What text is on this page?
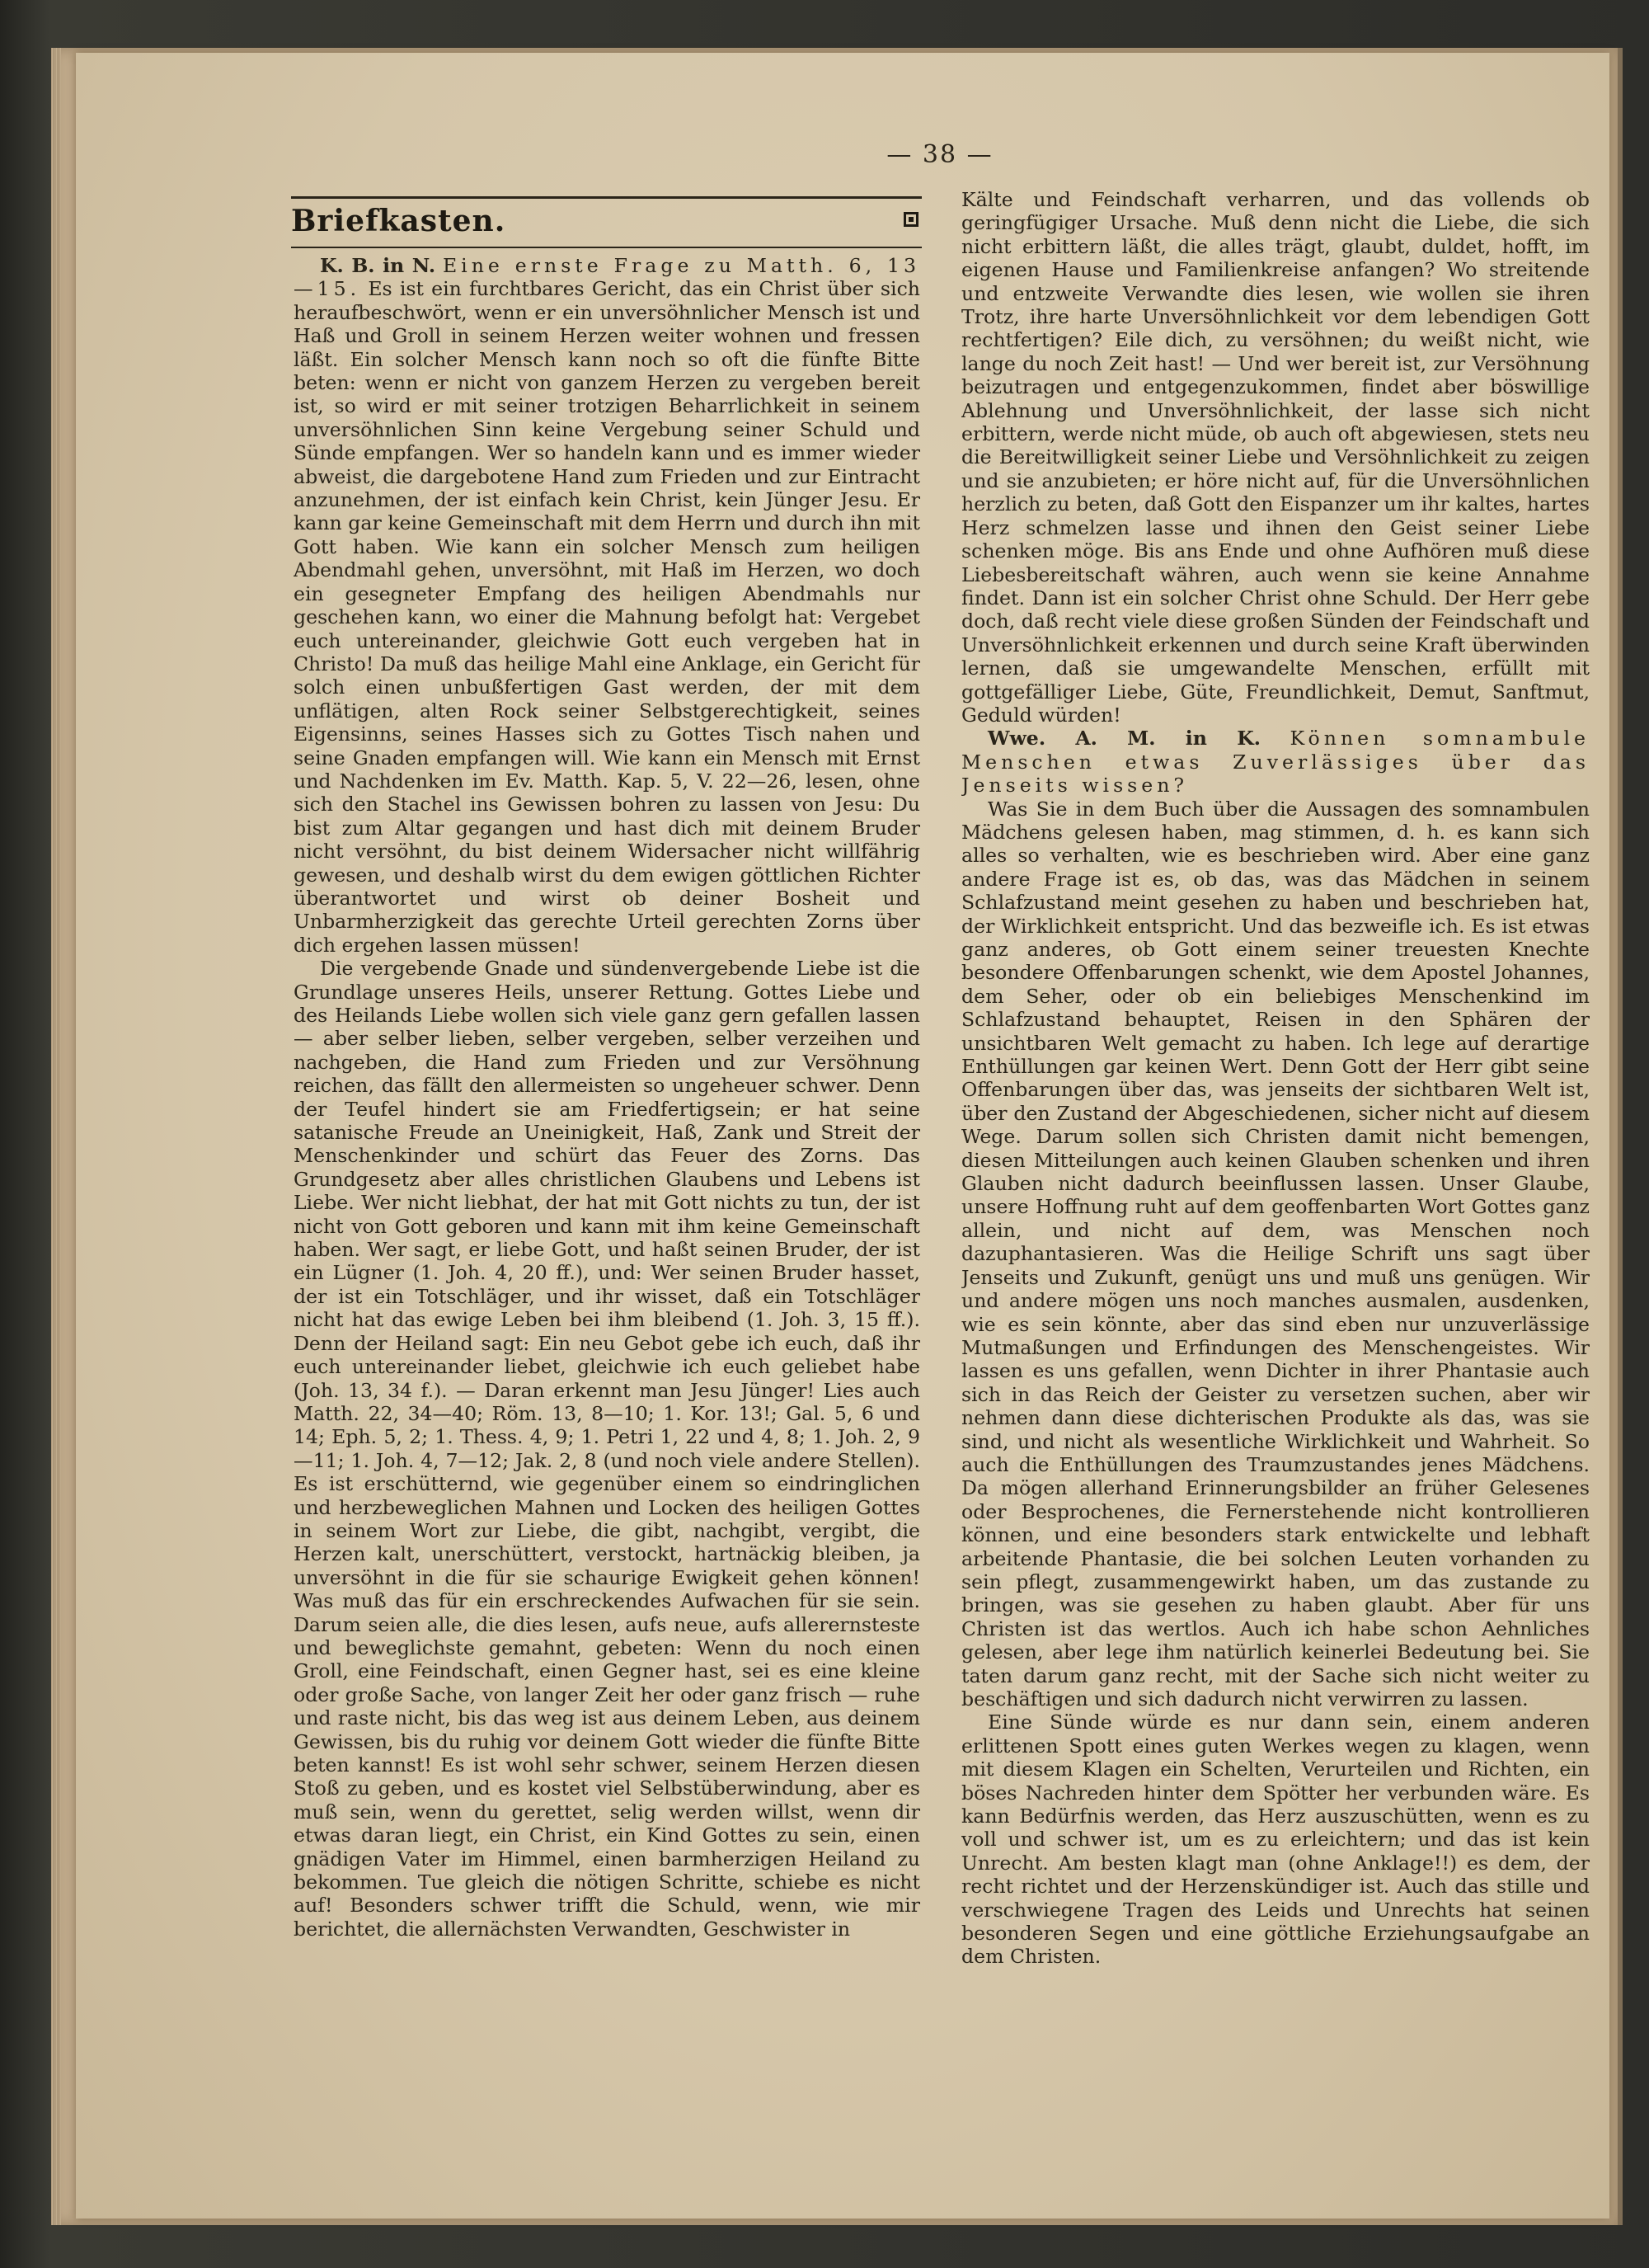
— 38 —
Briefkasten.

K. B. in N. Eine ernste Frage zu Matth. 6, 13—15. Es ist ein furchtbares Gericht, das ein Christ über sich heraufbeschwört, wenn er ein unversöhnlicher Mensch ist und Haß und Groll in seinem Herzen weiter wohnen und fressen läßt. Ein solcher Mensch kann noch so oft die fünfte Bitte beten: wenn er nicht von ganzem Herzen zu vergeben bereit ist, so wird er mit seiner trotzigen Beharrlichkeit in seinem unversöhnlichen Sinn keine Vergebung seiner Schuld und Sünde empfangen. Wer so handeln kann und es immer wieder abweist, die dargebotene Hand zum Frieden und zur Eintracht anzunehmen, der ist einfach kein Christ, kein Jünger Jesu. Er kann gar keine Gemeinschaft mit dem Herrn und durch ihn mit Gott haben. Wie kann ein solcher Mensch zum heiligen Abendmahl gehen, unversöhnt, mit Haß im Herzen, wo doch ein gesegneter Empfang des heiligen Abendmahls nur geschehen kann, wo einer die Mahnung befolgt hat: Vergebet euch untereinander, gleichwie Gott euch vergeben hat in Christo! Da muß das heilige Mahl eine Anklage, ein Gericht für solch einen unbußfertigen Gast werden, der mit dem unflätigen, alten Rock seiner Selbstgerechtigkeit, seines Eigensinns, seines Hasses sich zu Gottes Tisch nahen und seine Gnaden empfangen will. Wie kann ein Mensch mit Ernst und Nachdenken im Ev. Matth. Kap. 5, V. 22—26, lesen, ohne sich den Stachel ins Gewissen bohren zu lassen von Jesu: Du bist zum Altar gegangen und hast dich mit deinem Bruder nicht versöhnt, du bist deinem Widersacher nicht willfährig gewesen, und deshalb wirst du dem ewigen göttlichen Richter überantwortet und wirst ob deiner Bosheit und Unbarmherzigkeit das gerechte Urteil gerechten Zorns über dich ergehen lassen müssen!

Die vergebende Gnade und sündenvergebende Liebe ist die Grundlage unseres Heils, unserer Rettung. Gottes Liebe und des Heilands Liebe wollen sich viele ganz gern gefallen lassen — aber selber lieben, selber vergeben, selber verzeihen und nachgeben, die Hand zum Frieden und zur Versöhnung reichen, das fällt den allermeisten so ungeheuer schwer. Denn der Teufel hindert sie am Friedfertigsein; er hat seine satanische Freude an Uneinigkeit, Haß, Zank und Streit der Menschenkinder und schürt das Feuer des Zorns. Das Grundgesetz aber alles christlichen Glaubens und Lebens ist Liebe. Wer nicht liebhat, der hat mit Gott nichts zu tun, der ist nicht von Gott geboren und kann mit ihm keine Gemeinschaft haben. Wer sagt, er liebe Gott, und haßt seinen Bruder, der ist ein Lügner (1. Joh. 4, 20 ff.), und: Wer seinen Bruder hasset, der ist ein Totschläger, und ihr wisset, daß ein Totschläger nicht hat das ewige Leben bei ihm bleibend (1. Joh. 3, 15 ff.). Denn der Heiland sagt: Ein neu Gebot gebe ich euch, daß ihr euch untereinander liebet, gleichwie ich euch geliebet habe (Joh. 13, 34 f.). — Daran erkennt man Jesu Jünger! Lies auch Matth. 22, 34—40; Röm. 13, 8—10; 1. Kor. 13!; Gal. 5, 6 und 14; Eph. 5, 2; 1. Thess. 4, 9; 1. Petri 1, 22 und 4, 8; 1. Joh. 2, 9—11; 1. Joh. 4, 7—12; Jak. 2, 8 (und noch viele andere Stellen). Es ist erschütternd, wie gegenüber einem so eindringlichen und herzbeweglichen Mahnen und Locken des heiligen Gottes in seinem Wort zur Liebe, die gibt, nachgibt, vergibt, die Herzen kalt, unerschüttert, verstockt, hartnäckig bleiben, ja unversöhnt in die für sie schaurige Ewigkeit gehen können! Was muß das für ein erschreckendes Aufwachen für sie sein. Darum seien alle, die dies lesen, aufs neue, aufs allerernsteste und beweglichste gemahnt, gebeten: Wenn du noch einen Groll, eine Feindschaft, einen Gegner hast, sei es eine kleine oder große Sache, von langer Zeit her oder ganz frisch — ruhe und raste nicht, bis das weg ist aus deinem Leben, aus deinem Gewissen, bis du ruhig vor deinem Gott wieder die fünfte Bitte beten kannst! Es ist wohl sehr schwer, seinem Herzen diesen Stoß zu geben, und es kostet viel Selbstüberwindung, aber es muß sein, wenn du gerettet, selig werden willst, wenn dir etwas daran liegt, ein Christ, ein Kind Gottes zu sein, einen gnädigen Vater im Himmel, einen barmherzigen Heiland zu bekommen. Tue gleich die nötigen Schritte, schiebe es nicht auf! Besonders schwer trifft die Schuld, wenn, wie mir berichtet, die allernächsten Verwandten, Geschwister in

Kälte und Feindschaft verharren, und das vollends ob geringfügiger Ursache. Muß denn nicht die Liebe, die sich nicht erbittern läßt, die alles trägt, glaubt, duldet, hofft, im eigenen Hause und Familienkreise anfangen? Wo streitende und entzweite Verwandte dies lesen, wie wollen sie ihren Trotz, ihre harte Unversöhnlichkeit vor dem lebendigen Gott rechtfertigen? Eile dich, zu versöhnen; du weißt nicht, wie lange du noch Zeit hast! — Und wer bereit ist, zur Versöhnung beizutragen und entgegenzukommen, findet aber böswillige Ablehnung und Unversöhnlichkeit, der lasse sich nicht erbittern, werde nicht müde, ob auch oft abgewiesen, stets neu die Bereitwilligkeit seiner Liebe und Versöhnlichkeit zu zeigen und sie anzubieten; er höre nicht auf, für die Unversöhnlichen herzlich zu beten, daß Gott den Eispanzer um ihr kaltes, hartes Herz schmelzen lasse und ihnen den Geist seiner Liebe schenken möge. Bis ans Ende und ohne Aufhören muß diese Liebesbereitschaft währen, auch wenn sie keine Annahme findet. Dann ist ein solcher Christ ohne Schuld. Der Herr gebe doch, daß recht viele diese großen Sünden der Feindschaft und Unversöhnlichkeit erkennen und durch seine Kraft überwinden lernen, daß sie umgewandelte Menschen, erfüllt mit gottgefälliger Liebe, Güte, Freundlichkeit, Demut, Sanftmut, Geduld würden!

Wwe. A. M. in K. Können somnambule Menschen etwas Zuverlässiges über das Jenseits wissen?

Was Sie in dem Buch über die Aussagen des somnambulen Mädchens gelesen haben, mag stimmen, d. h. es kann sich alles so verhalten, wie es beschrieben wird. Aber eine ganz andere Frage ist es, ob das, was das Mädchen in seinem Schlafzustand meint gesehen zu haben und beschrieben hat, der Wirklichkeit entspricht. Und das bezweifle ich. Es ist etwas ganz anderes, ob Gott einem seiner treuesten Knechte besondere Offenbarungen schenkt, wie dem Apostel Johannes, dem Seher, oder ob ein beliebiges Menschenkind im Schlafzustand behauptet, Reisen in den Sphären der unsichtbaren Welt gemacht zu haben. Ich lege auf derartige Enthüllungen gar keinen Wert. Denn Gott der Herr gibt seine Offenbarungen über das, was jenseits der sichtbaren Welt ist, über den Zustand der Abgeschiedenen, sicher nicht auf diesem Wege. Darum sollen sich Christen damit nicht bemengen, diesen Mitteilungen auch keinen Glauben schenken und ihren Glauben nicht dadurch beeinflussen lassen. Unser Glaube, unsere Hoffnung ruht auf dem geoffenbarten Wort Gottes ganz allein, und nicht auf dem, was Menschen noch dazuphantasieren. Was die Heilige Schrift uns sagt über Jenseits und Zukunft, genügt uns und muß uns genügen. Wir und andere mögen uns noch manches ausmalen, ausdenken, wie es sein könnte, aber das sind eben nur unzuverlässige Mutmaßungen und Erfindungen des Menschengeistes. Wir lassen es uns gefallen, wenn Dichter in ihrer Phantasie auch sich in das Reich der Geister zu versetzen suchen, aber wir nehmen dann diese dichterischen Produkte als das, was sie sind, und nicht als wesentliche Wirklichkeit und Wahrheit. So auch die Enthüllungen des Traumzustandes jenes Mädchens. Da mögen allerhand Erinnerungsbilder an früher Gelesenes oder Besprochenes, die Fernerstehende nicht kontrollieren können, und eine besonders stark entwickelte und lebhaft arbeitende Phantasie, die bei solchen Leuten vorhanden zu sein pflegt, zusammengewirkt haben, um das zustande zu bringen, was sie gesehen zu haben glaubt. Aber für uns Christen ist das wertlos. Auch ich habe schon Aehnliches gelesen, aber lege ihm natürlich keinerlei Bedeutung bei. Sie taten darum ganz recht, mit der Sache sich nicht weiter zu beschäftigen und sich dadurch nicht verwirren zu lassen.

Eine Sünde würde es nur dann sein, einem anderen erlittenen Spott eines guten Werkes wegen zu klagen, wenn mit diesem Klagen ein Schelten, Verurteilen und Richten, ein böses Nachreden hinter dem Spötter her verbunden wäre. Es kann Bedürfnis werden, das Herz auszuschütten, wenn es zu voll und schwer ist, um es zu erleichtern; und das ist kein Unrecht. Am besten klagt man (ohne Anklage!!) es dem, der recht richtet und der Herzenskündiger ist. Auch das stille und verschwiegene Tragen des Leids und Unrechts hat seinen besonderen Segen und eine göttliche Erziehungsaufgabe an dem Christen.
